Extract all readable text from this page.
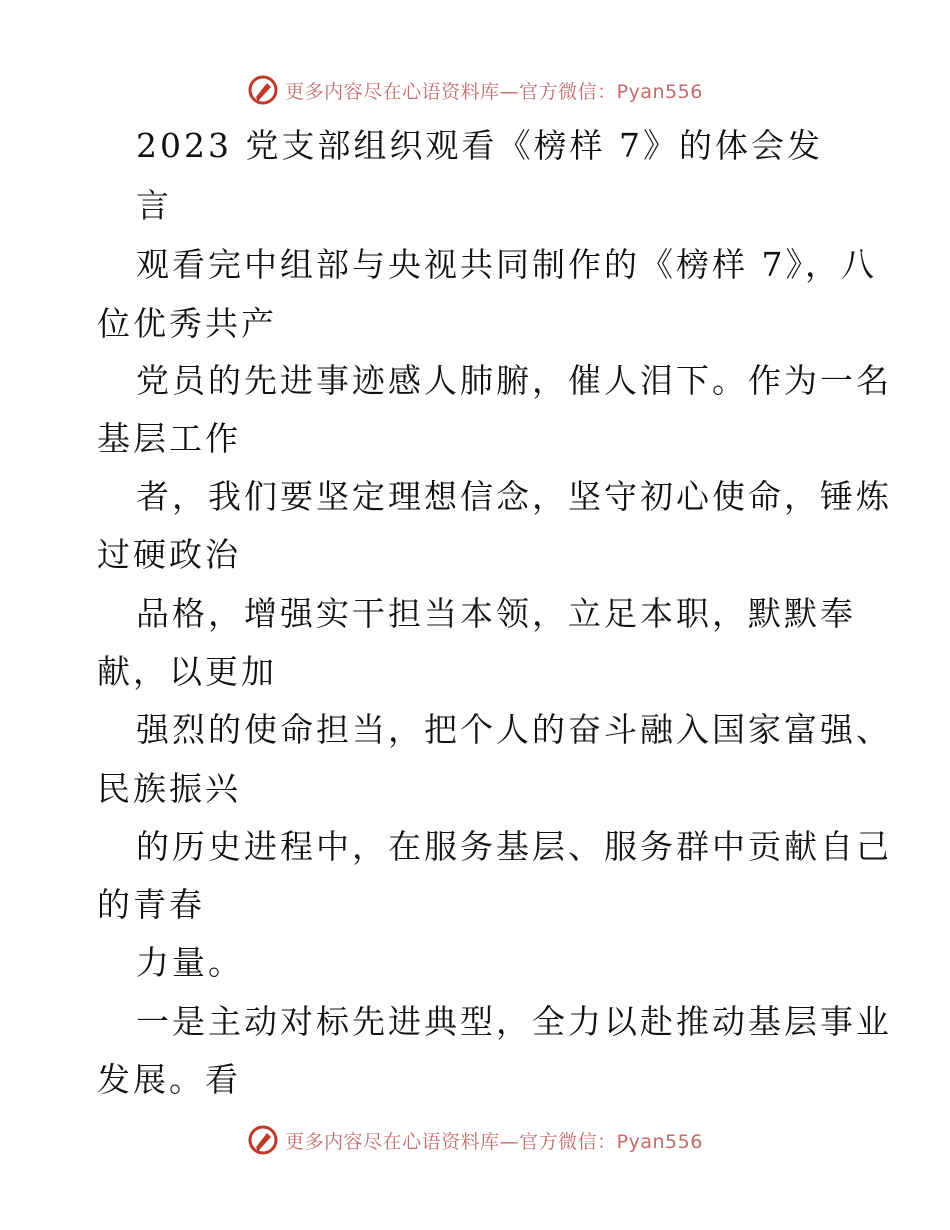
更多内容尽在心语资料库—官方微信：Pyan556
2023 党支部组织观看《榜样 7》的体会发
言
观看完中组部与央视共同制作的《榜样 7》，八
位优秀共产
党员的先进事迹感人肺腑，催人泪下。作为一名
基层工作
者，我们要坚定理想信念，坚守初心使命，锤炼
过硬政治
品格，增强实干担当本领，立足本职，默默奉
献，以更加
强烈的使命担当，把个人的奋斗融入国家富强、
民族振兴
的历史进程中，在服务基层、服务群中贡献自己
的青春
力量。
一是主动对标先进典型，全力以赴推动基层事业
发展。看
更多内容尽在心语资料库—官方微信：Pyan556
